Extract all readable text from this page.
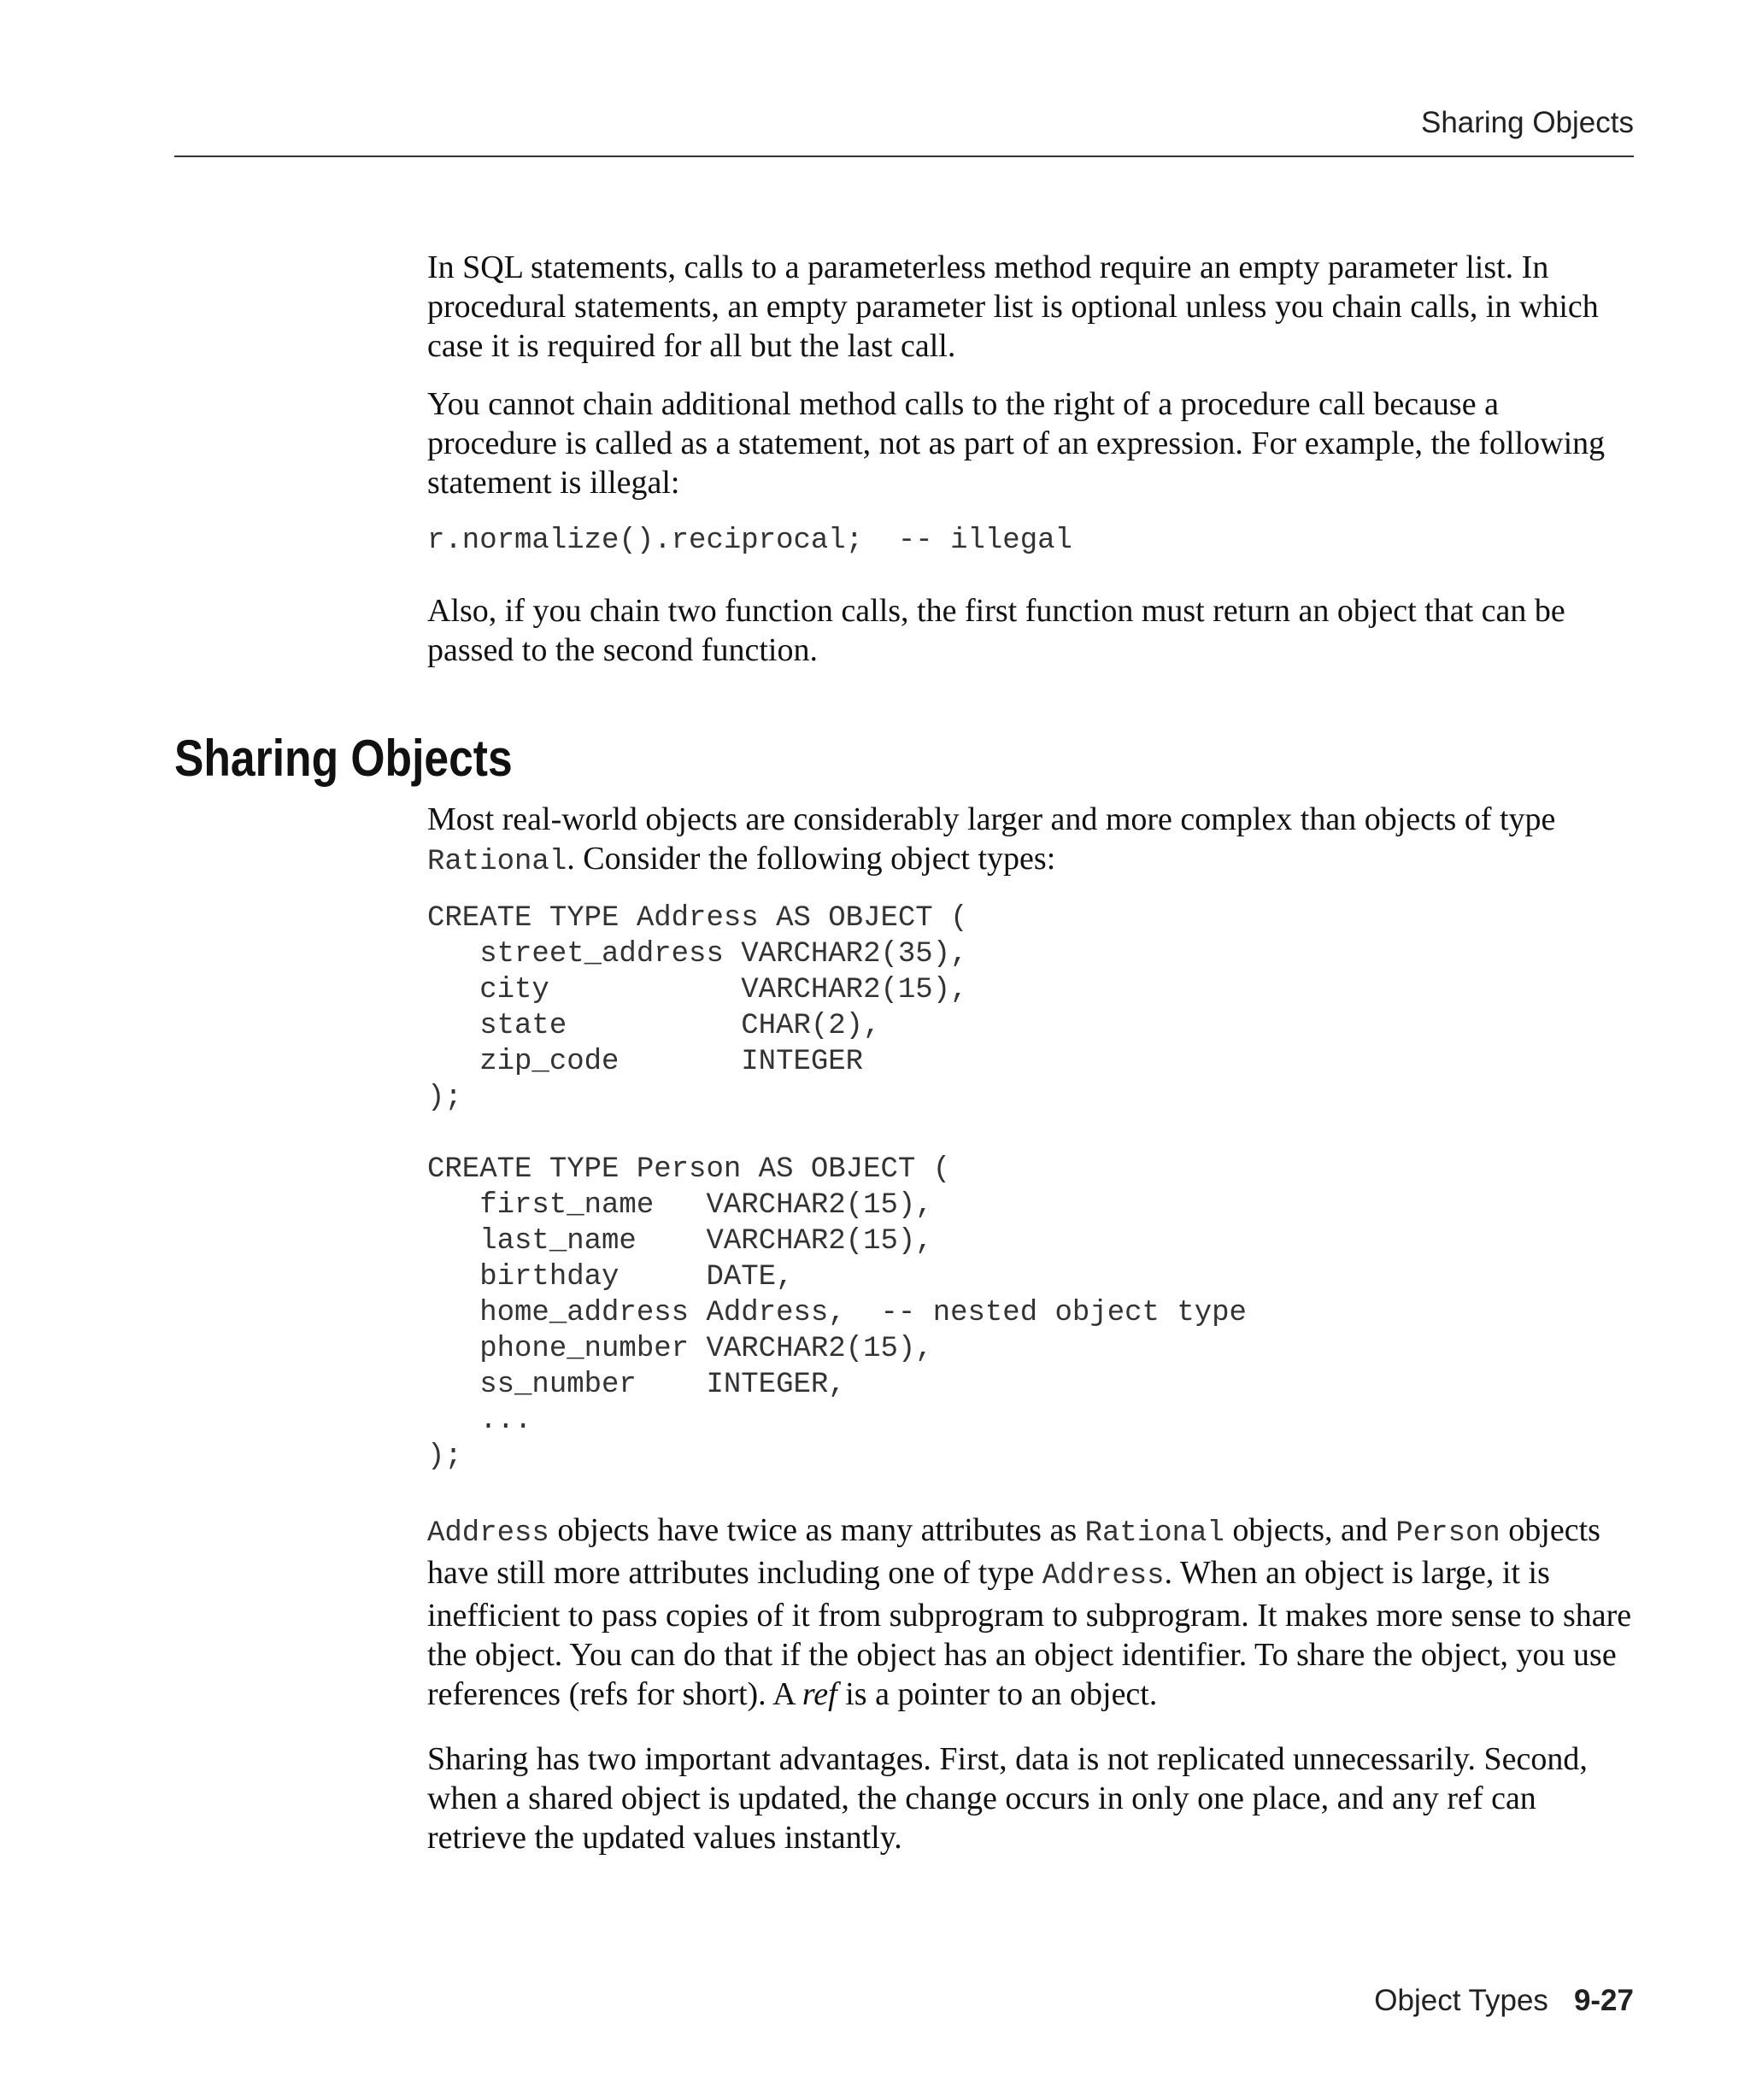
Sharing Objects

In SQL statements, calls to a parameterless method require an empty parameter list. In procedural statements, an empty parameter list is optional unless you chain calls, in which case it is required for all but the last call.

You cannot chain additional method calls to the right of a procedure call because a procedure is called as a statement, not as part of an expression. For example, the following statement is illegal:

r.normalize().reciprocal;  -- illegal

Also, if you chain two function calls, the first function must return an object that can be passed to the second function.

Sharing Objects

Most real-world objects are considerably larger and more complex than objects of type Rational. Consider the following object types:

CREATE TYPE Address AS OBJECT (
street_address VARCHAR2(35),
city           VARCHAR2(15),
state          CHAR(2),
zip_code       INTEGER
);

CREATE TYPE Person AS OBJECT (
first_name   VARCHAR2(15),
last_name    VARCHAR2(15),
birthday     DATE,
home_address Address,  -- nested object type
phone_number VARCHAR2(15),
ss_number    INTEGER,
...
);

Address objects have twice as many attributes as Rational objects, and Person objects have still more attributes including one of type Address. When an object is large, it is inefficient to pass copies of it from subprogram to subprogram. It makes more sense to share the object. You can do that if the object has an object identifier. To share the object, you use references (refs for short). A ref is a pointer to an object.

Sharing has two important advantages. First, data is not replicated unnecessarily. Second, when a shared object is updated, the change occurs in only one place, and any ref can retrieve the updated values instantly.

Object Types 9-27
